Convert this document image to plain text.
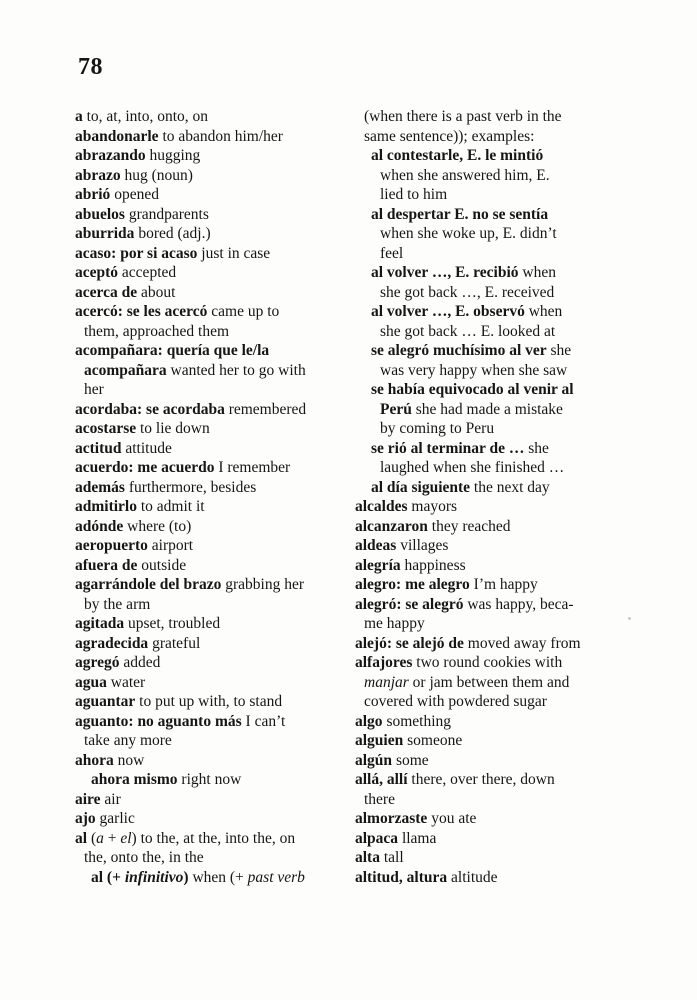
78
a to, at, into, onto, on
abandonarle to abandon him/her
abrazando hugging
abrazo hug (noun)
abrió opened
abuelos grandparents
aburrida bored (adj.)
acaso: por si acaso just in case
aceptó accepted
acerca de about
acercó: se les acercó came up to
them, approached them
acompañara: quería que le/la
acompañara wanted her to go with
her
acordaba: se acordaba remembered
acostarse to lie down
actitud attitude
acuerdo: me acuerdo I remember
además furthermore, besides
admitirlo to admit it
adónde where (to)
aeropuerto airport
afuera de outside
agarrándole del brazo grabbing her
by the arm
agitada upset, troubled
agradecida grateful
agregó added
agua water
aguantar to put up with, to stand
aguanto: no aguanto más I can’t
take any more
ahora now
ahora mismo right now
aire air
ajo garlic
al (a + el) to the, at the, into the, on
the, onto the, in the
al (+ infinitivo) when (+ past verb
(when there is a past verb in the
same sentence)); examples:
al contestarle, E. le mintió
when she answered him, E.
lied to him
al despertar E. no se sentía
when she woke up, E. didn’t
feel
al volver …, E. recibió when
she got back …, E. received
al volver …, E. observó when
she got back … E. looked at
se alegró muchísimo al ver she
was very happy when she saw
se había equivocado al venir al
Perú she had made a mistake
by coming to Peru
se rió al terminar de … she
laughed when she finished …
al día siguiente the next day
alcaldes mayors
alcanzaron they reached
aldeas villages
alegría happiness
alegro: me alegro I’m happy
alegró: se alegró was happy, beca-
me happy
alejó: se alejó de moved away from
alfajores two round cookies with
manjar or jam between them and
covered with powdered sugar
algo something
alguien someone
algún some
allá, allí there, over there, down
there
almorzaste you ate
alpaca llama
alta tall
altitud, altura altitude
